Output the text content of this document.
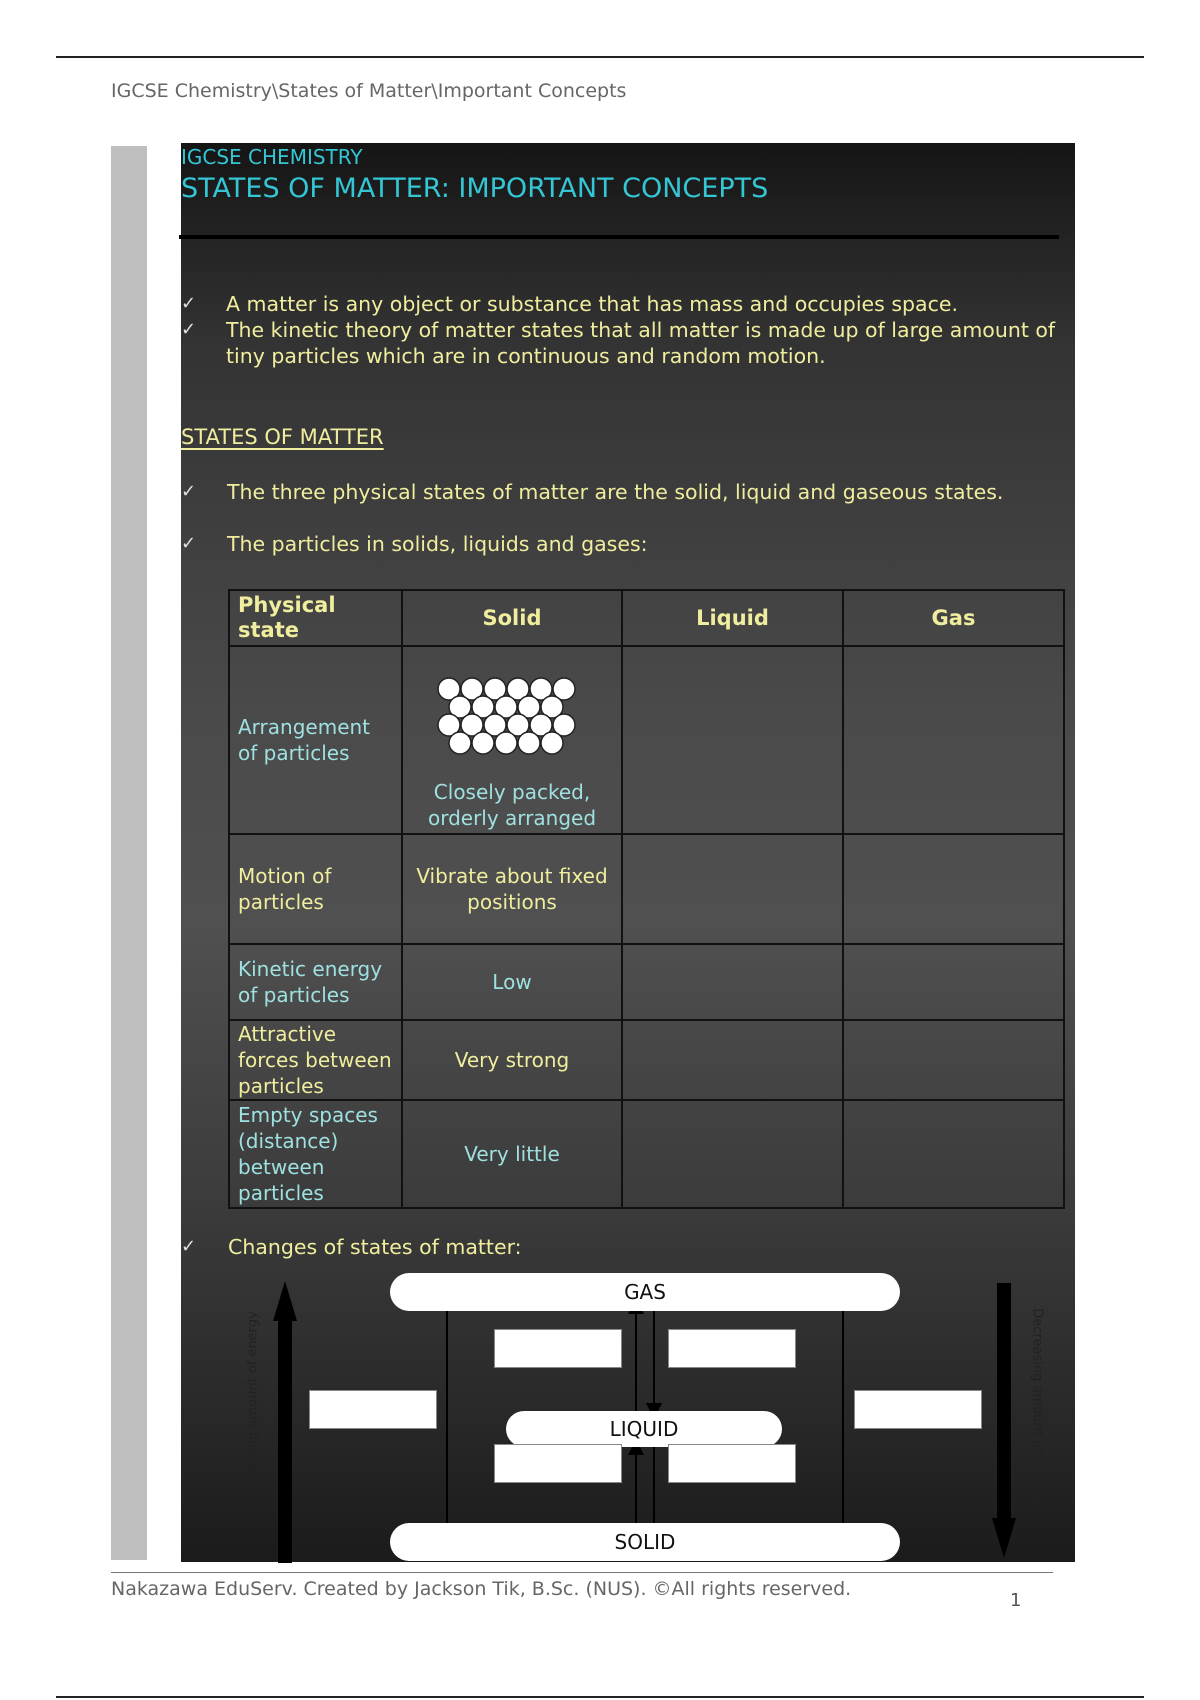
IGCSE Chemistry\States of Matter\Important Concepts
IGCSE CHEMISTRY
STATES OF MATTER: IMPORTANT CONCEPTS
✓ A matter is any object or substance that has mass and occupies space.
✓ The kinetic theory of matter states that all matter is made up of large amount of
tiny particles which are in continuous and random motion.
STATES OF MATTER
✓ The three physical states of matter are the solid, liquid and gaseous states.
✓ The particles in solids, liquids and gases:
Physical state	Solid	Liquid	Gas
Arrangement of particles	Closely packed, orderly arranged		

Motion of particles	Vibrate about fixed positions		
Kinetic energy of particles	Low		
Attractive forces between particles	Very strong		
Empty spaces (distance) between particles	Very little		
✓ Changes of states of matter:
GAS
LIQUID
SOLID
Increasing amount of energy	Decreasing amount of energy
Nakazawa EduServ. Created by Jackson Tik, B.Sc. (NUS). ©All rights reserved.
1
